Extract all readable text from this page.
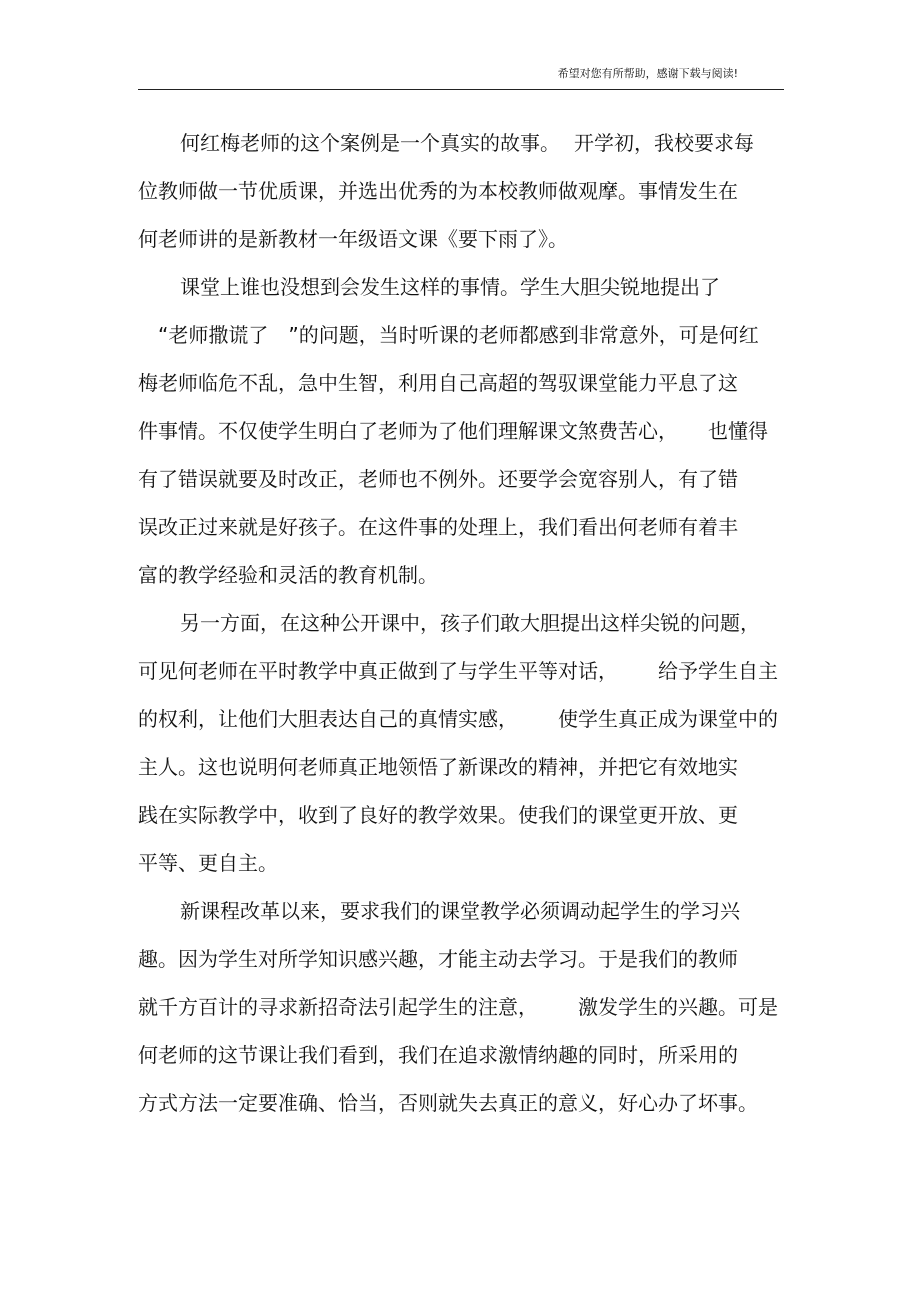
希望对您有所帮助，感谢下载与阅读!
何红梅老师的这个案例是一个真实的故事。 开学初，我校要求每
位教师做一节优质课，并选出优秀的为本校教师做观摩。事情发生在
何老师讲的是新教材一年级语文课《要下雨了》。
课堂上谁也没想到会发生这样的事情。学生大胆尖锐地提出了
“老师撒谎了 ”的问题，当时听课的老师都感到非常意外，可是何红
梅老师临危不乱，急中生智，利用自己高超的驾驭课堂能力平息了这
件事情。不仅使学生明白了老师为了他们理解课文煞费苦心， 也懂得
有了错误就要及时改正，老师也不例外。还要学会宽容别人，有了错
误改正过来就是好孩子。在这件事的处理上，我们看出何老师有着丰
富的教学经验和灵活的教育机制。
另一方面，在这种公开课中，孩子们敢大胆提出这样尖锐的问题，
可见何老师在平时教学中真正做到了与学生平等对话， 给予学生自主
的权利，让他们大胆表达自己的真情实感， 使学生真正成为课堂中的
主人。这也说明何老师真正地领悟了新课改的精神，并把它有效地实
践在实际教学中，收到了良好的教学效果。使我们的课堂更开放、更
平等、更自主。
新课程改革以来，要求我们的课堂教学必须调动起学生的学习兴
趣。因为学生对所学知识感兴趣，才能主动去学习。于是我们的教师
就千方百计的寻求新招奇法引起学生的注意， 激发学生的兴趣。可是
何老师的这节课让我们看到，我们在追求激情纳趣的同时，所采用的
方式方法一定要准确、恰当，否则就失去真正的意义，好心办了坏事。
